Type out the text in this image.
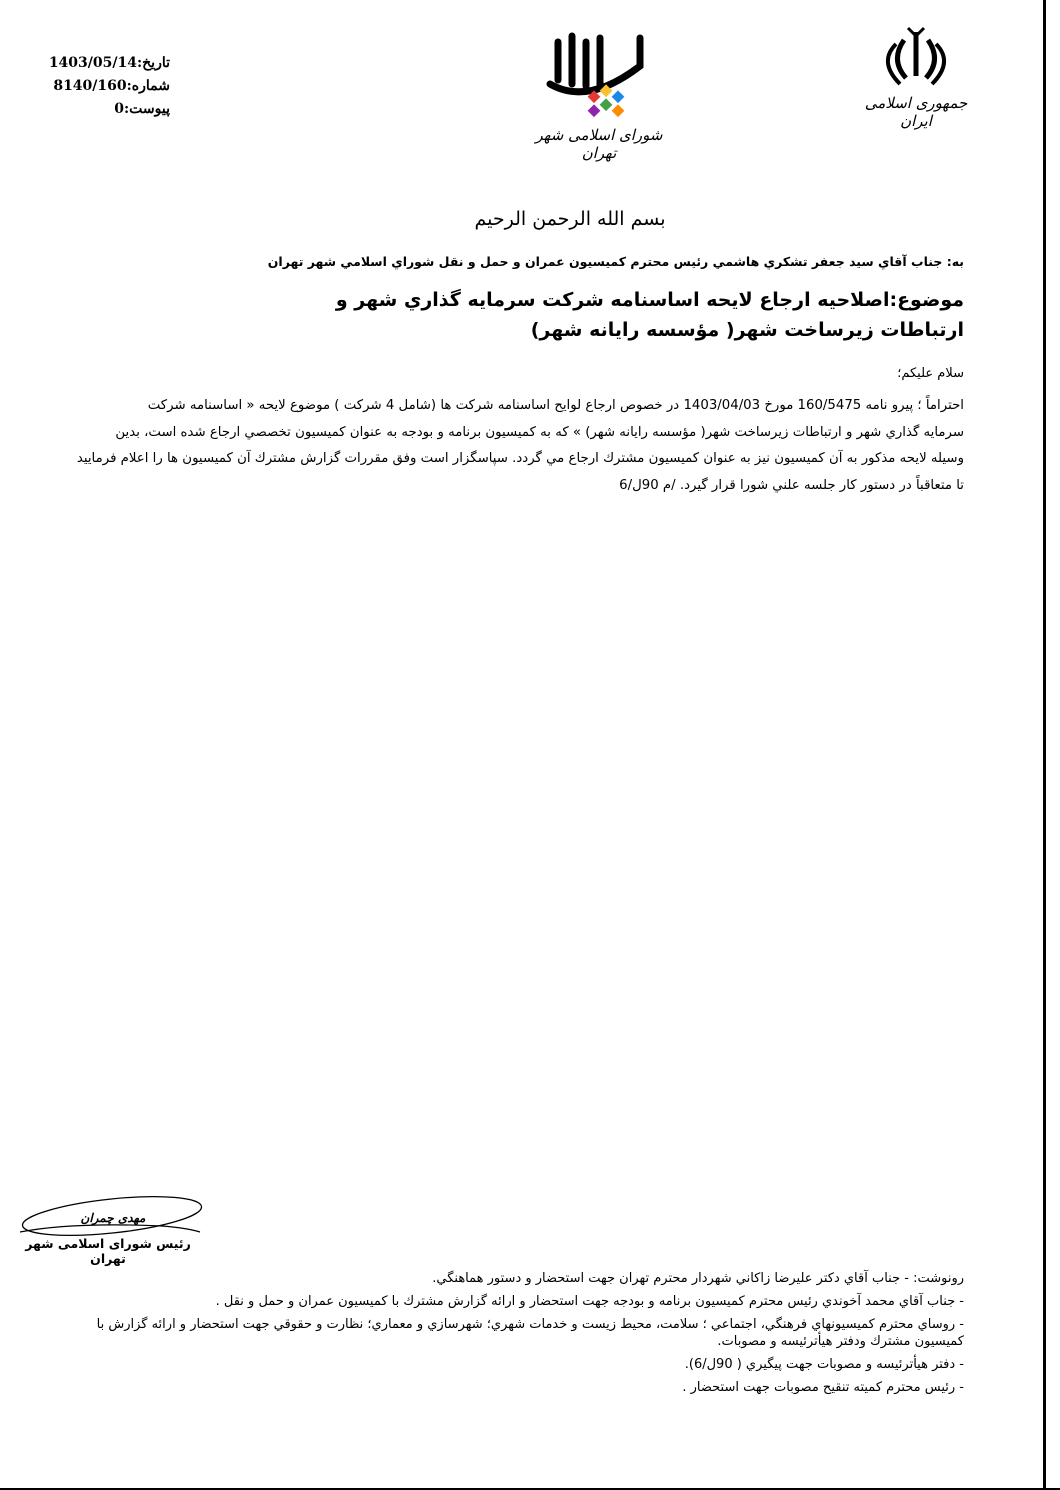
تاريخ:1403/05/14
شماره:8140/160
پيوست:0
شورای اسلامی شهر تهران
جمهوری اسلامی ایران
بسم الله الرحمن الرحيم
به: جناب آقاي سيد جعفر تشكري هاشمي رئيس محترم كميسيون عمران و حمل و نقل شوراي اسلامي شهر تهران
موضوع:اصلاحيه ارجاع لايحه اساسنامه شركت سرمايه گذاري شهر و
ارتباطات زيرساخت شهر( مؤسسه رايانه شهر)
سلام عليكم؛

احتراماً ؛ پيرو نامه 160/5475 مورخ 1403/04/03 در خصوص ارجاع لوايح اساسنامه شركت ها (شامل 4 شركت ) موضوع لايحه « اساسنامه شركت

سرمايه گذاري شهر و ارتباطات زيرساخت شهر( مؤسسه رايانه شهر) » كه به كميسيون برنامه و بودجه به عنوان كميسيون تخصصي ارجاع شده است، بدين

وسيله لايحه مذكور به آن كميسيون نيز به عنوان كميسيون مشترك ارجاع مي گردد. سپاسگزار است وفق مقررات گزارش مشترك آن كميسيون ها را اعلام فرماييد

تا متعاقباً در دستور كار جلسه علني شورا قرار گيرد. /م 90ل/6

مهدی چمران
رئيس شورای اسلامی شهر تهران
رونوشت: - جناب آقاي دكتر عليرضا زاكاني شهردار محترم تهران جهت استحضار و دستور هماهنگي.
- جناب آقاي محمد آخوندي رئيس محترم كميسيون برنامه و بودجه جهت استحضار و ارائه گزارش مشترك با كميسيون عمران و حمل و نقل .
- روساي محترم كميسيونهاي فرهنگي، اجتماعي ؛ سلامت، محيط زيست و خدمات شهري؛ شهرسازي و معماري؛ نظارت و حقوقي جهت استحضار و ارائه گزارش با
كميسيون مشترك ودفتر هيأترئيسه و مصوبات.
- دفتر هيأترئيسه و مصوبات جهت پيگيري ( 90ل/6).
- رئيس محترم كميته تنقيح مصوبات جهت استحضار .
